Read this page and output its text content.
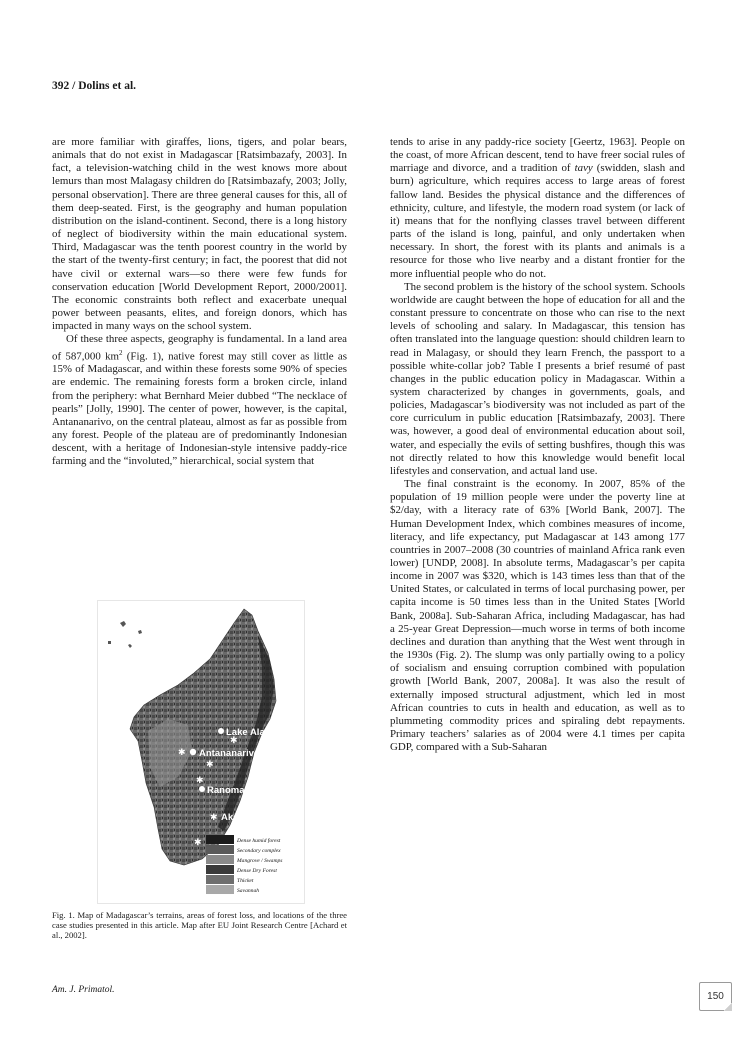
392 / Dolins et al.

are more familiar with giraffes, lions, tigers, and polar bears, animals that do not exist in Madagascar [Ratsimbazafy, 2003]. In fact, a television-watching child in the west knows more about lemurs than most Malagasy children do [Ratsimbazafy, 2003; Jolly, personal observation]. There are three general causes for this, all of them deep-seated. First, is the geography and human population distribution on the island-continent. Second, there is a long history of neglect of biodiversity within the main educational system. Third, Madagascar was the tenth poorest country in the world by the start of the twenty-first century; in fact, the poorest that did not have civil or external wars—so there were few funds for conservation education [World Development Report, 2000/2001]. The economic constraints both reflect and exacerbate unequal power between peasants, elites, and foreign donors, which has impacted in many ways on the school system.

Of these three aspects, geography is fundamental. In a land area of 587,000 $km^2$ (Fig. 1), native forest may still cover as little as 15% of Madagascar, and within these forests some 90% of species are endemic. The remaining forests form a broken circle, inland from the periphery: what Bernhard Meier dubbed “The necklace of pearls” [Jolly, 1990]. The center of power, however, is the capital, Antananarivo, on the central plateau, almost as far as possible from any forest. People of the plateau are of predominantly Indonesian descent, with a heritage of Indonesian-style intensive paddy-rice farming and the “involuted,” hierarchical, social system that

tends to arise in any paddy-rice society [Geertz, 1963]. People on the coast, of more African descent, tend to have freer social rules of marriage and divorce, and a tradition of tavy (swidden, slash and burn) agriculture, which requires access to large areas of forest fallow land. Besides the physical distance and the differences of ethnicity, culture, and lifestyle, the modern road system (or lack of it) means that for the nonflying classes travel between different parts of the island is long, painful, and only undertaken when necessary. In short, the forest with its plants and animals is a resource for those who live nearby and a distant frontier for the more influential people who do not.

The second problem is the history of the school system. Schools worldwide are caught between the hope of education for all and the constant pressure to concentrate on those who can rise to the next levels of schooling and salary. In Madagascar, this tension has often translated into the language question: should children learn to read in Malagasy, or should they learn French, the passport to a possible white-collar job? Table I presents a brief resumé of past changes in the public education policy in Madagascar. Within a system characterized by changes in governments, goals, and policies, Madagascar’s biodiversity was not included as part of the core curriculum in public education [Ratsimbazafy, 2003]. There was, however, a good deal of environmental education about soil, water, and especially the evils of setting bushfires, though this was not directly related to how this knowledge would benefit local lifestyles and conservation, and actual land use.

The final constraint is the economy. In 2007, 85% of the population of 19 million people were under the poverty line at $2/day, with a literacy rate of 63% [World Bank, 2007]. The Human Development Index, which combines measures of income, literacy, and life expectancy, put Madagascar at 143 among 177 countries in 2007–2008 (30 countries of mainland Africa rank even lower) [UNDP, 2008]. In absolute terms, Madagascar’s per capita income in 2007 was $320, which is 143 times less than that of the United States, or calculated in terms of local purchasing power, per capita income is 50 times less than in the United States [World Bank, 2008a]. Sub-Saharan Africa, including Madagascar, has had a 25-year Great Depression—much worse in terms of both income declines and duration than anything that the West went through in the 1930s (Fig. 2). The slump was only partially owing to a policy of socialism and ensuing corruption combined with population growth [World Bank, 2007, 2008a]. It was also the result of externally imposed structural adjustment, which led in most African countries to cuts in health and education, as well as to plummeting commodity prices and spiraling debt repayments. Primary teachers’ salaries as of 2004 were 4.1 times per capita GDP, compared with a Sub-Saharan

Lake Alaotra
✱
✱ Antananarivo
✱
Ranomafana
✱
✱ Ako Project
✱	Dense humid forest
Secondary complex
Mangrove / Swamps
Dense Dry Forest
Thicket
Savannah
Fig. 1. Map of Madagascar’s terrains, areas of forest loss, and locations of the three case studies presented in this article. Map after EU Joint Research Centre [Achard et al., 2002].
Am. J. Primatol.
150
